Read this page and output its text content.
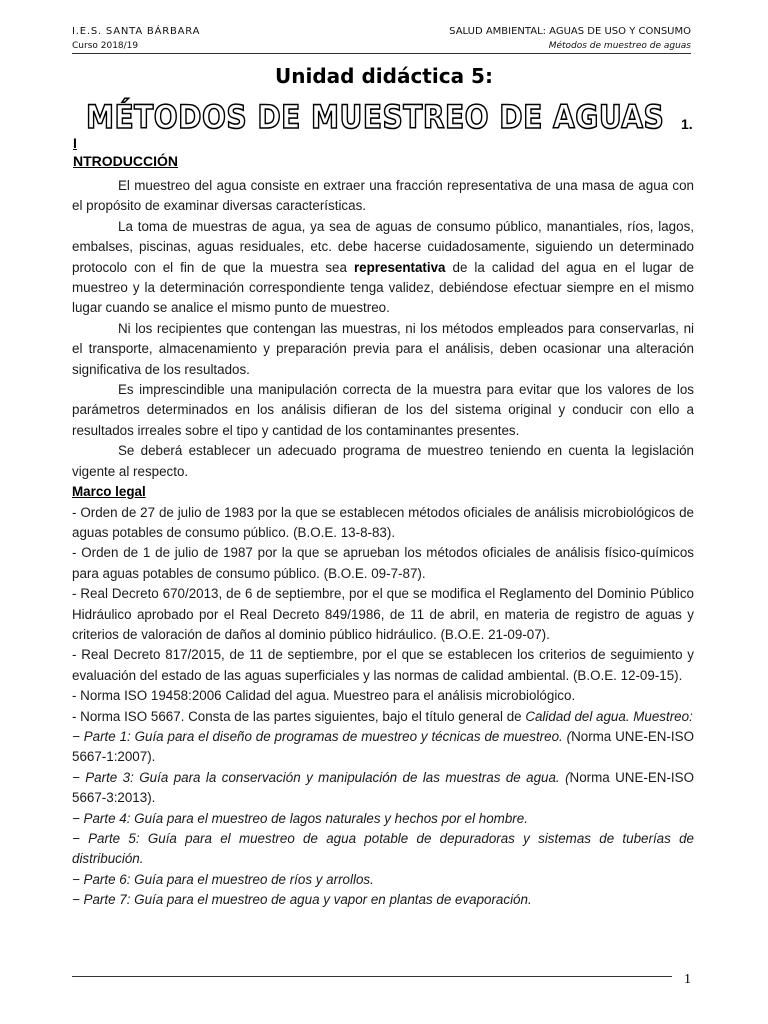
I.E.S. SANTA BÁRBARA
Curso 2018/19
SALUD AMBIENTAL: AGUAS DE USO Y CONSUMO
Métodos de muestreo de aguas
Unidad didáctica 5:
MÉTODOS DE MUESTREO DE AGUAS 1.
I
NTRODUCCIÓN

El muestreo del agua consiste en extraer una fracción representativa de una masa de agua con el propósito de examinar diversas características.

La toma de muestras de agua, ya sea de aguas de consumo público, manantiales, ríos, lagos, embalses, piscinas, aguas residuales, etc. debe hacerse cuidadosamente, siguiendo un determinado protocolo con el fin de que la muestra sea representativa de la calidad del agua en el lugar de muestreo y la determinación correspondiente tenga validez, debiéndose efectuar siempre en el mismo lugar cuando se analice el mismo punto de muestreo.

Ni los recipientes que contengan las muestras, ni los métodos empleados para conservarlas, ni el transporte, almacenamiento y preparación previa para el análisis, deben ocasionar una alteración significativa de los resultados.

Es imprescindible una manipulación correcta de la muestra para evitar que los valores de los parámetros determinados en los análisis difieran de los del sistema original y conducir con ello a resultados irreales sobre el tipo y cantidad de los contaminantes presentes.

Se deberá establecer un adecuado programa de muestreo teniendo en cuenta la legislación vigente al respecto.

Marco legal

- Orden de 27 de julio de 1983 por la que se establecen métodos oficiales de análisis microbiológicos de aguas potables de consumo público. (B.O.E. 13-8-83).

- Orden de 1 de julio de 1987 por la que se aprueban los métodos oficiales de análisis físico-químicos para aguas potables de consumo público. (B.O.E. 09-7-87).

- Real Decreto 670/2013, de 6 de septiembre, por el que se modifica el Reglamento del Dominio Público Hidráulico aprobado por el Real Decreto 849/1986, de 11 de abril, en materia de registro de aguas y criterios de valoración de daños al dominio público hidráulico. (B.O.E. 21-09-07).

- Real Decreto 817/2015, de 11 de septiembre, por el que se establecen los criterios de seguimiento y evaluación del estado de las aguas superficiales y las normas de calidad ambiental. (B.O.E. 12-09-15).

- Norma ISO 19458:2006 Calidad del agua. Muestreo para el análisis microbiológico.

- Norma ISO 5667. Consta de las partes siguientes, bajo el título general de Calidad del agua. Muestreo:

− Parte 1: Guía para el diseño de programas de muestreo y técnicas de muestreo. (Norma UNE-EN-ISO 5667-1:2007).

− Parte 3: Guía para la conservación y manipulación de las muestras de agua. (Norma UNE-EN-ISO 5667-3:2013).

− Parte 4: Guía para el muestreo de lagos naturales y hechos por el hombre.

− Parte 5: Guía para el muestreo de agua potable de depuradoras y sistemas de tuberías de distribución.

− Parte 6: Guía para el muestreo de ríos y arrollos.

− Parte 7: Guía para el muestreo de agua y vapor en plantas de evaporación.

1
